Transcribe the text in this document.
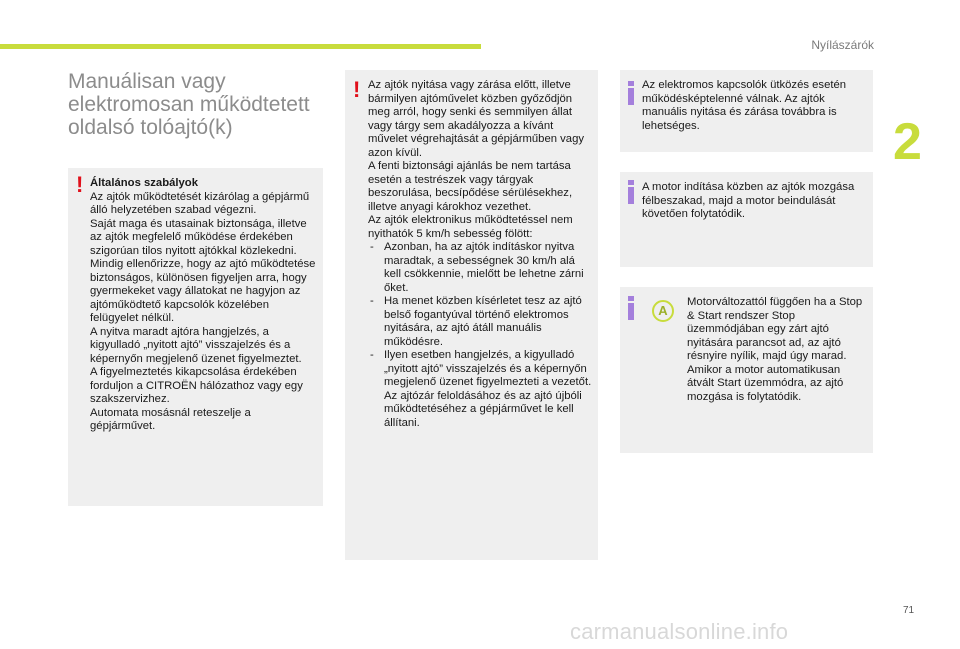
Nyílászárók
2
Manuálisan vagy elektromosan működtetett oldalsó tolóajtó(k)
! Általános szabályok

Az ajtók működtetését kizárólag a gépjármű álló helyzetében szabad végezni.

Saját maga és utasainak biztonsága, illetve az ajtók megfelelő működése érdekében szigorúan tilos nyitott ajtókkal közlekedni.

Mindig ellenőrizze, hogy az ajtó működtetése biztonságos, különösen figyeljen arra, hogy gyermekeket vagy állatokat ne hagyjon az ajtóműködtető kapcsolók közelében felügyelet nélkül.

A nyitva maradt ajtóra hangjelzés, a kigyulladó „nyitott ajtó” visszajelzés és a képernyőn megjelenő üzenet figyelmeztet.

A figyelmeztetés kikapcsolása érdekében forduljon a CITROËN hálózathoz vagy egy szakszervizhez.

Automata mosásnál reteszelje a gépjárművet.

! Az ajtók nyitása vagy zárása előtt, illetve bármilyen ajtóművelet közben győződjön meg arról, hogy senki és semmilyen állat vagy tárgy sem akadályozza a kívánt művelet végrehajtását a gépjárműben vagy azon kívül.

A fenti biztonsági ajánlás be nem tartása esetén a testrészek vagy tárgyak beszorulása, becsípődése sérülésekhez, illetve anyagi károkhoz vezethet.

Az ajtók elektronikus működtetéssel nem nyithatók 5 km/h sebesség fölött:

- Azonban, ha az ajtók indításkor nyitva maradtak, a sebességnek 30 km/h alá kell csökkennie, mielőtt be lehetne zárni őket.
- Ha menet közben kísérletet tesz az ajtó belső fogantyúval történő elektromos nyitására, az ajtó átáll manuális működésre.
- Ilyen esetben hangjelzés, a kigyulladó „nyitott ajtó” visszajelzés és a képernyőn megjelenő üzenet figyelmezteti a vezetőt. Az ajtózár feloldásához és az ajtó újbóli működtetéséhez a gépjárművet le kell állítani.

Az elektromos kapcsolók ütközés esetén működésképtelenné válnak. Az ajtók manuális nyitása és zárása továbbra is lehetséges.

A motor indítása közben az ajtók mozgása félbeszakad, majd a motor beindulását követően folytatódik.

A

Motorváltozattól függően ha a Stop & Start rendszer Stop üzemmódjában egy zárt ajtó nyitására parancsot ad, az ajtó résnyire nyílik, majd úgy marad. Amikor a motor automatikusan átvált Start üzemmódra, az ajtó mozgása is folytatódik.

71
carmanualsonline.info
